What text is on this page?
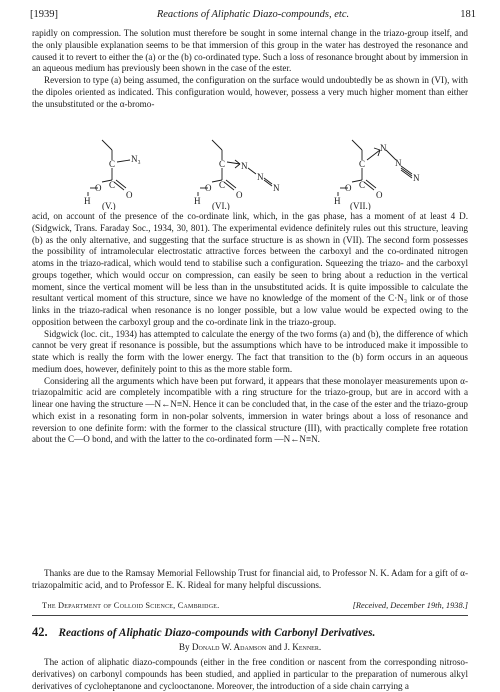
[1939]	Reactions of Aliphatic Diazo-compounds, etc.	181

rapidly on compression. The solution must therefore be sought in some internal change in the triazo-group itself, and the only plausible explanation seems to be that immersion of this group in the water has destroyed the resonance and caused it to revert to either the (a) or the (b) co-ordinated type. Such a loss of resonance brought about by immersion in an aqueous medium has previously been shown in the case of the ester.

Reversion to type (a) being assumed, the configuration on the surface would undoubtedly be as shown in (VI), with the dipoles oriented as indicated. This configuration would, however, possess a very much higher moment than either the unsubstituted or the α-bromo-

C N₃
C
O
O
H (V.)
C N
N
N
C
O
O
H (VI.)
C
N
N
N
C
O
O
H (VII.)

acid, on account of the presence of the co-ordinate link, which, in the gas phase, has a moment of at least 4 D. (Sidgwick, Trans. Faraday Soc., 1934, 30, 801). The experimental evidence definitely rules out this structure, leaving (b) as the only alternative, and suggesting that the surface structure is as shown in (VII). The second form possesses the possibility of intramolecular electrostatic attractive forces between the carboxyl and the co-ordinated nitrogen atoms in the triazo-radical, which would tend to stabilise such a configuration. Squeezing the triazo- and the carboxyl groups together, which would occur on compression, can easily be seen to bring about a reduction in the vertical moment, since the vertical moment will be less than in the unsubstituted acids. It is quite impossible to calculate the resultant vertical moment of this structure, since we have no knowledge of the moment of the C·N₃ link or of those links in the triazo-radical when resonance is no longer possible, but a low value would be expected owing to the opposition between the carboxyl group and the co-ordinate link in the triazo-group.

Sidgwick (loc. cit., 1934) has attempted to calculate the energy of the two forms (a) and (b), the difference of which cannot be very great if resonance is possible, but the assumptions which have to be introduced make it impossible to state which is really the form with the lower energy. The fact that transition to the (b) form occurs in an aqueous medium does, however, definitely point to this as the more stable form.

Considering all the arguments which have been put forward, it appears that these monolayer measurements upon α-triazopalmitic acid are completely incompatible with a ring structure for the triazo-group, but are in accord with a linear one having the structure —N←N≡N. Hence it can be concluded that, in the case of the ester and the triazo-group which exist in a resonating form in non-polar solvents, immersion in water brings about a loss of resonance and reversion to one definite form: with the former to the classical structure (III), with practically complete free rotation about the C—O bond, and with the latter to the co-ordinated form —N←N≡N.

Thanks are due to the Ramsay Memorial Fellowship Trust for financial aid, to Professor N. K. Adam for a gift of α-triazopalmitic acid, and to Professor E. K. Rideal for many helpful discussions.

The Department of Colloid Science, Cambridge.	[Received, December 19th, 1938.]
42. Reactions of Aliphatic Diazo-compounds with Carbonyl Derivatives.
By Donald W. Adamson and J. Kenner.

The action of aliphatic diazo-compounds (either in the free condition or nascent from the corresponding nitroso-derivatives) on carbonyl compounds has been studied, and applied in particular to the preparation of numerous alkyl derivatives of cycloheptanone and cyclooctanone. Moreover, the introduction of a side chain carrying a
